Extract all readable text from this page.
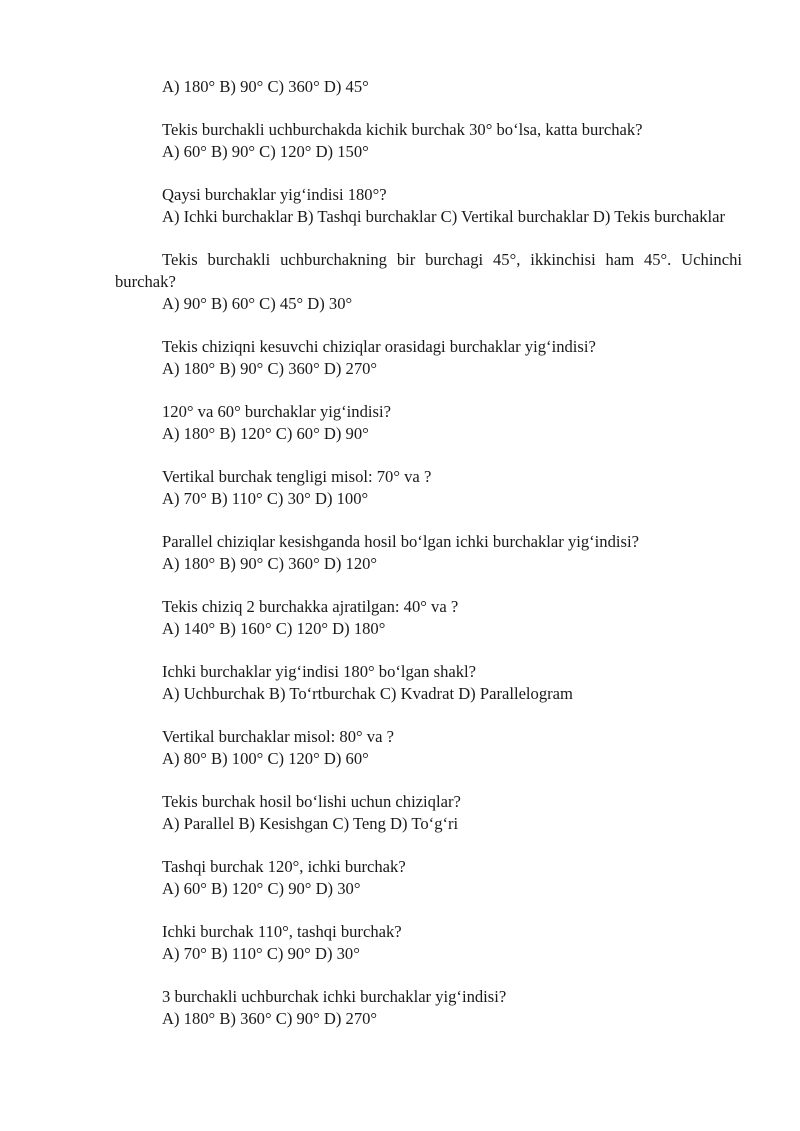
A) 180° B) 90° C) 360° D) 45°
Tekis burchakli uchburchakda kichik burchak 30° bo‘lsa, katta burchak?
A) 60° B) 90° C) 120° D) 150°
Qaysi burchaklar yig‘indisi 180°?
A) Ichki burchaklar B) Tashqi burchaklar C) Vertikal burchaklar D) Tekis burchaklar
Tekis burchakli uchburchakning bir burchagi 45°, ikkinchisi ham 45°. Uchinchi burchak?
A) 90° B) 60° C) 45° D) 30°
Tekis chiziqni kesuvchi chiziqlar orasidagi burchaklar yig‘indisi?
A) 180° B) 90° C) 360° D) 270°
120° va 60° burchaklar yig‘indisi?
A) 180° B) 120° C) 60° D) 90°
Vertikal burchak tengligi misol: 70° va ?
A) 70° B) 110° C) 30° D) 100°
Parallel chiziqlar kesishganda hosil bo‘lgan ichki burchaklar yig‘indisi?
A) 180° B) 90° C) 360° D) 120°
Tekis chiziq 2 burchakka ajratilgan: 40° va ?
A) 140° B) 160° C) 120° D) 180°
Ichki burchaklar yig‘indisi 180° bo‘lgan shakl?
A) Uchburchak B) To‘rtburchak C) Kvadrat D) Parallelogram
Vertikal burchaklar misol: 80° va ?
A) 80° B) 100° C) 120° D) 60°
Tekis burchak hosil bo‘lishi uchun chiziqlar?
A) Parallel B) Kesishgan C) Teng D) To‘g‘ri
Tashqi burchak 120°, ichki burchak?
A) 60° B) 120° C) 90° D) 30°
Ichki burchak 110°, tashqi burchak?
A) 70° B) 110° C) 90° D) 30°
3 burchakli uchburchak ichki burchaklar yig‘indisi?
A) 180° B) 360° C) 90° D) 270°
